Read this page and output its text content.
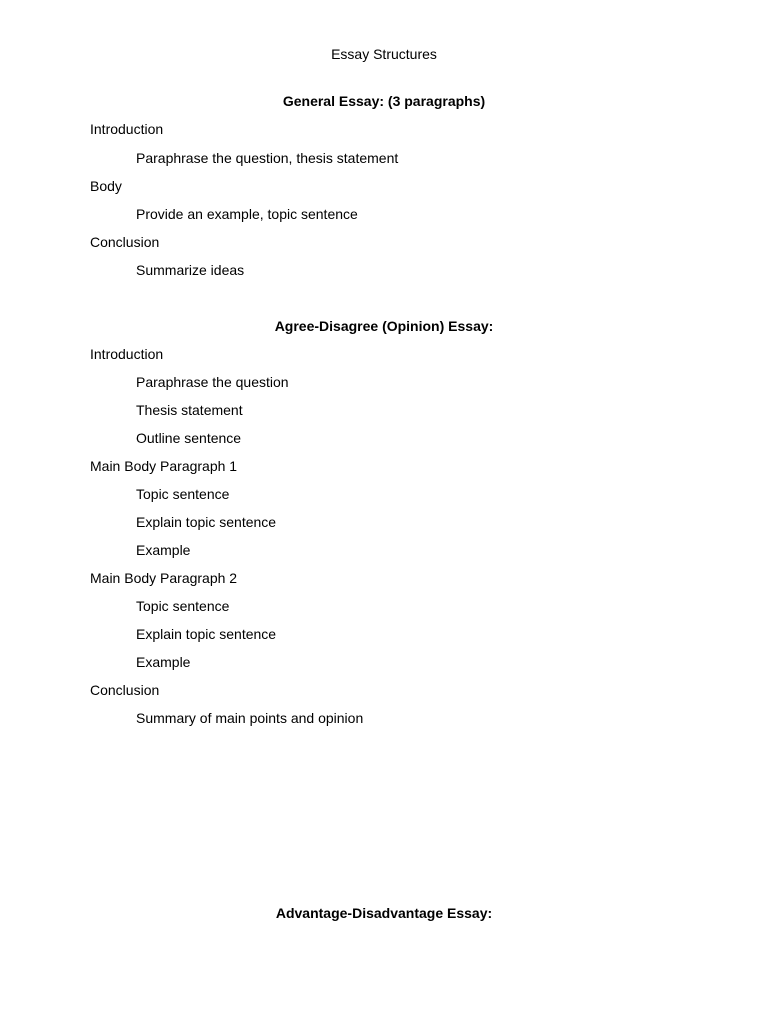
Essay Structures
General Essay: (3 paragraphs)
Introduction
Paraphrase the question, thesis statement
Body
Provide an example, topic sentence
Conclusion
Summarize ideas
Agree-Disagree (Opinion) Essay:
Introduction
Paraphrase the question
Thesis statement
Outline sentence
Main Body Paragraph 1
Topic sentence
Explain topic sentence
Example
Main Body Paragraph 2
Topic sentence
Explain topic sentence
Example
Conclusion
Summary of main points and opinion
Advantage-Disadvantage Essay:
